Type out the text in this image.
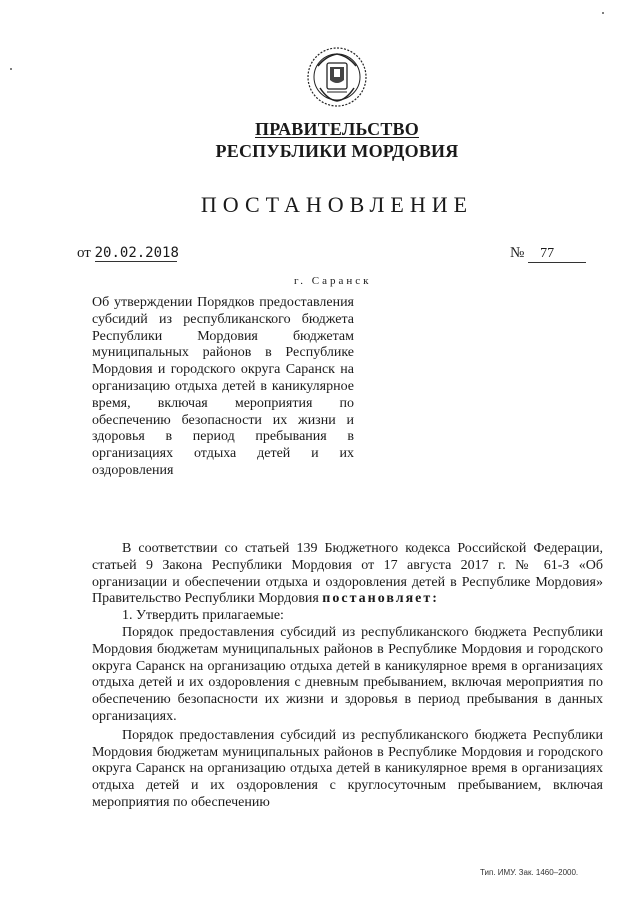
ПРАВИТЕЛЬСТВО
РЕСПУБЛИКИ МОРДОВИЯ
ПОСТАНОВЛЕНИЕ
от 20.02.2018	№ 77
г. Саранск

Об утверждении Порядков предоставления субсидий из республиканского бюджета Республики Мордовия бюджетам муниципальных районов в Республике Мордовия и городского округа Саранск на организацию отдыха детей в каникулярное время, включая мероприятия по обеспечению безопасности их жизни и здоровья в период пребывания в организациях отдыха детей и их оздоровления

В соответствии со статьей 139 Бюджетного кодекса Российской Федерации, статьей 9 Закона Республики Мордовия от 17 августа 2017 г. № 61-З «Об организации и обеспечении отдыха и оздоровления детей в Республике Мордовия» Правительство Республики Мордовия постановляет:

1. Утвердить прилагаемые:

Порядок предоставления субсидий из республиканского бюджета Республики Мордовия бюджетам муниципальных районов в Республике Мордовия и городского округа Саранск на организацию отдыха детей в каникулярное время в организациях отдыха детей и их оздоровления с дневным пребыванием, включая мероприятия по обеспечению безопасности их жизни и здоровья в период пребывания в данных организациях.

Порядок предоставления субсидий из республиканского бюджета Республики Мордовия бюджетам муниципальных районов в Республике Мордовия и городского округа Саранск на организацию отдыха детей в каникулярное время в организациях отдыха детей и их оздоровления с круглосуточным пребыванием, включая мероприятия по обеспечению

Тип. ИМУ. Зак. 1460–2000.
